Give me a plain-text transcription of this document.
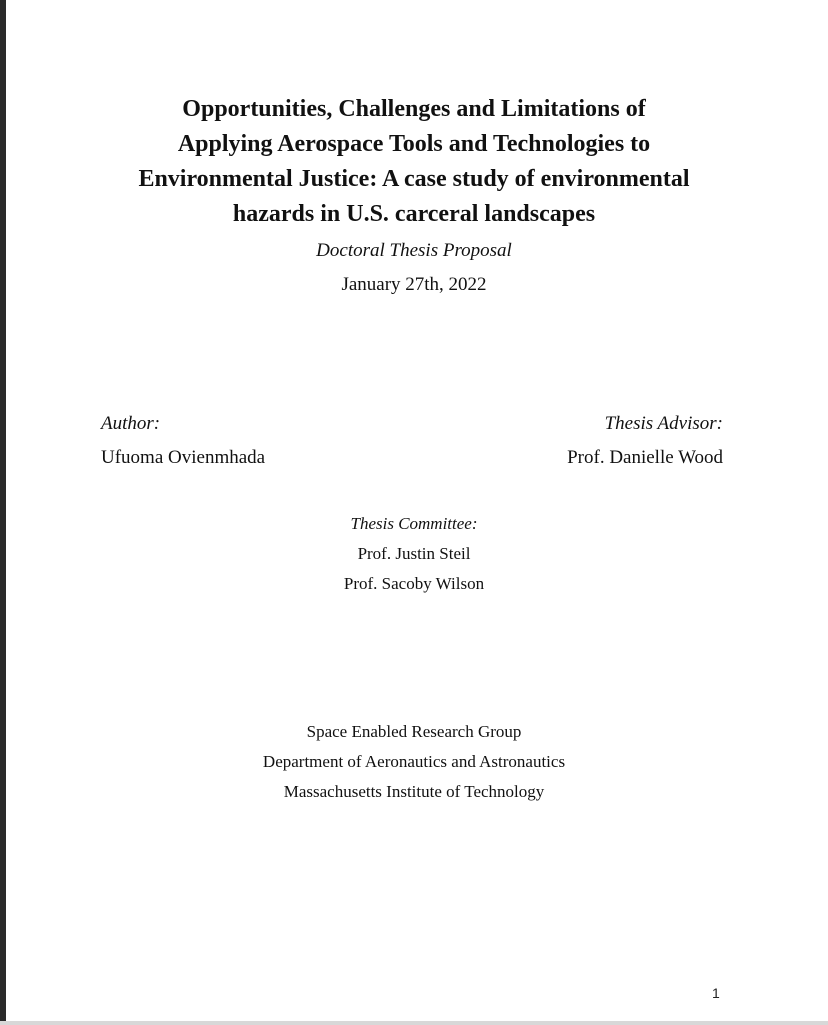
Opportunities, Challenges and Limitations of
Applying Aerospace Tools and Technologies to
Environmental Justice: A case study of environmental
hazards in U.S. carceral landscapes
Doctoral Thesis Proposal
January 27th, 2022
Author:
Ufuoma Ovienmhada
Thesis Advisor:
Prof. Danielle Wood
Thesis Committee:
Prof. Justin Steil
Prof. Sacoby Wilson
Space Enabled Research Group
Department of Aeronautics and Astronautics
Massachusetts Institute of Technology
1
